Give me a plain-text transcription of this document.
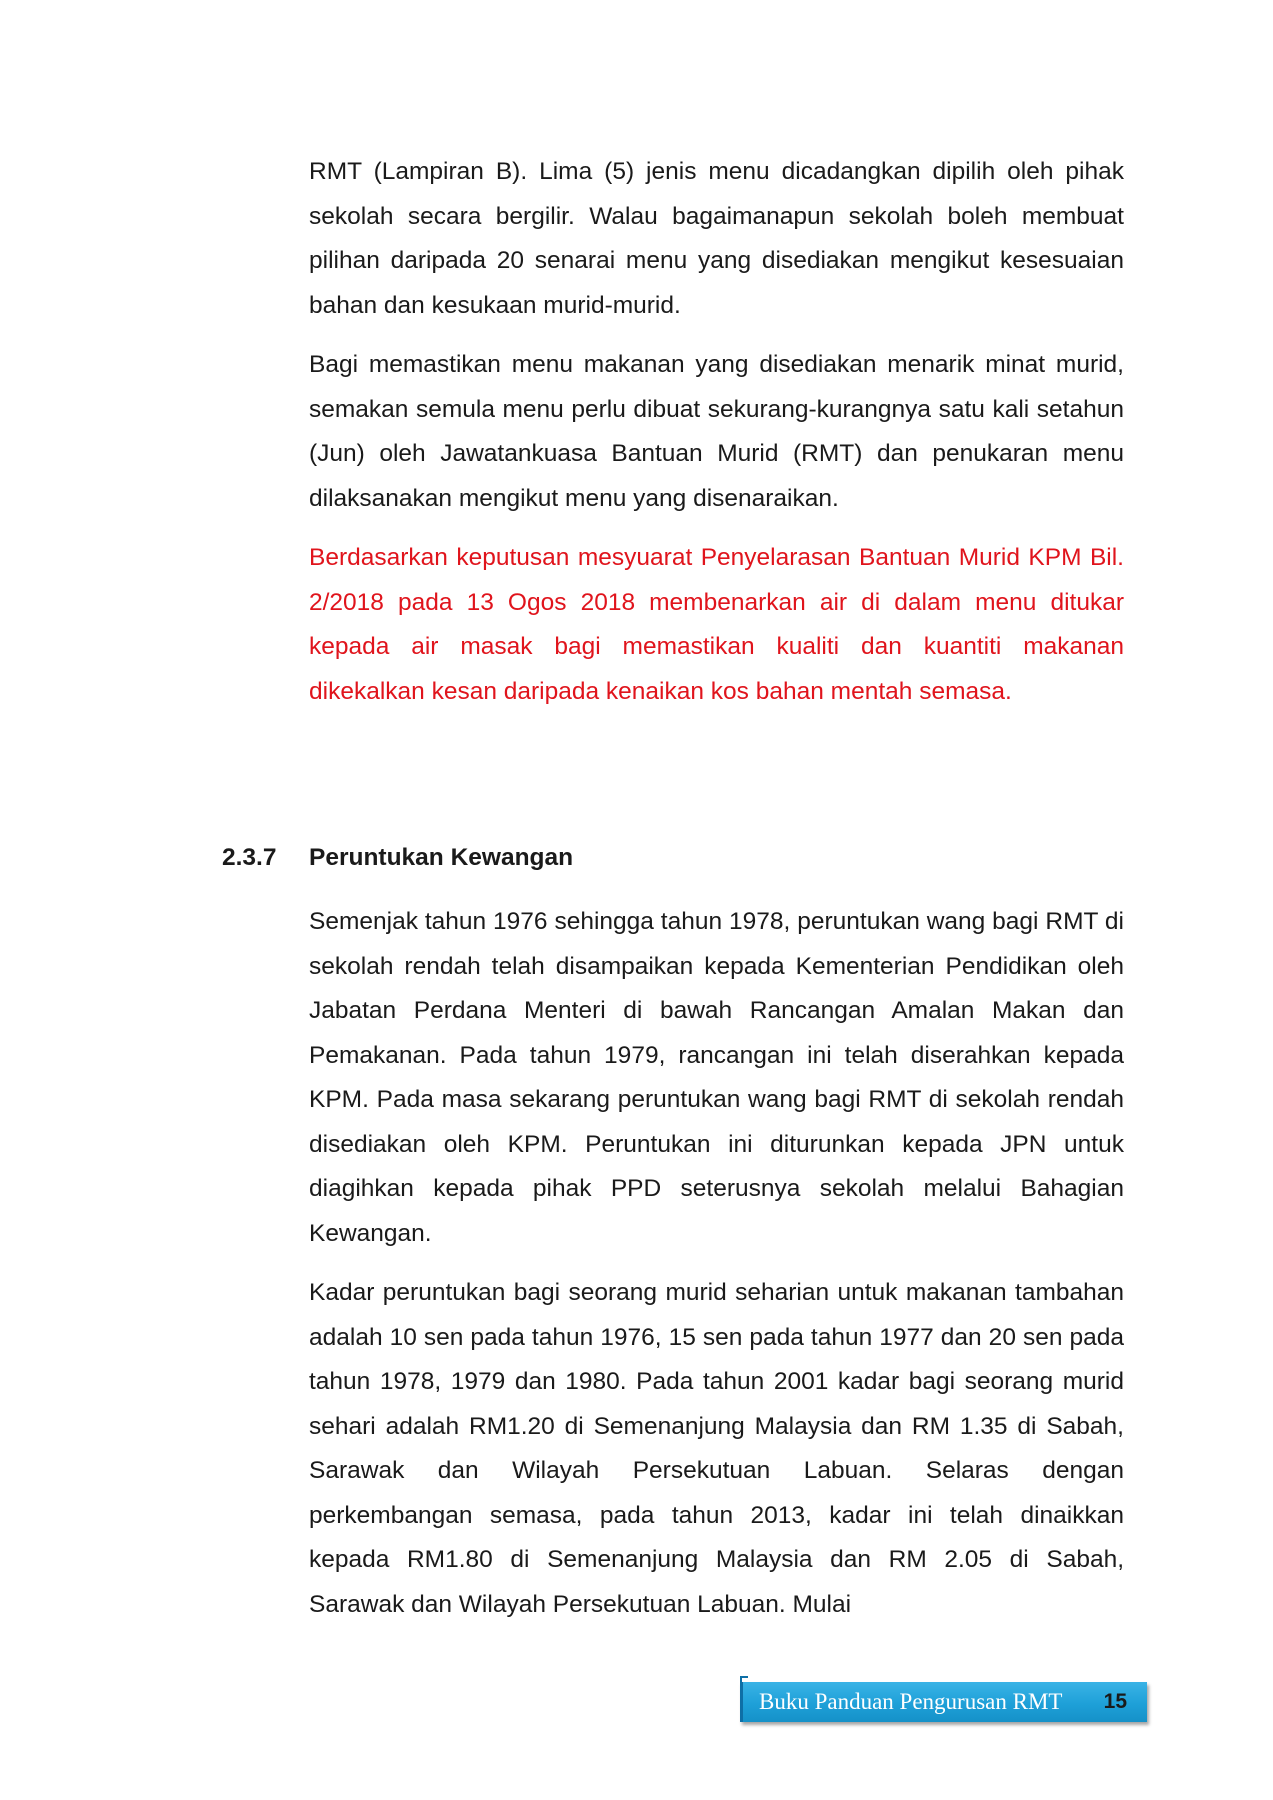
RMT (Lampiran B). Lima (5) jenis menu dicadangkan dipilih oleh pihak sekolah secara bergilir. Walau bagaimanapun sekolah boleh membuat pilihan daripada 20 senarai menu yang disediakan mengikut kesesuaian bahan dan kesukaan murid-murid.

Bagi memastikan menu makanan yang disediakan menarik minat murid, semakan semula menu perlu dibuat sekurang-kurangnya satu kali setahun (Jun) oleh Jawatankuasa Bantuan Murid (RMT) dan penukaran menu dilaksanakan mengikut menu yang disenaraikan.

Berdasarkan keputusan mesyuarat Penyelarasan Bantuan Murid KPM Bil. 2/2018 pada 13 Ogos 2018 membenarkan air di dalam menu ditukar kepada air masak bagi memastikan kualiti dan kuantiti makanan dikekalkan kesan daripada kenaikan kos bahan mentah semasa.

2.3.7 Peruntukan Kewangan

Semenjak tahun 1976 sehingga tahun 1978, peruntukan wang bagi RMT di sekolah rendah telah disampaikan kepada Kementerian Pendidikan oleh Jabatan Perdana Menteri di bawah Rancangan Amalan Makan dan Pemakanan. Pada tahun 1979, rancangan ini telah diserahkan kepada KPM. Pada masa sekarang peruntukan wang bagi RMT di sekolah rendah disediakan oleh KPM. Peruntukan ini diturunkan kepada JPN untuk diagihkan kepada pihak PPD seterusnya sekolah melalui Bahagian Kewangan.

Kadar peruntukan bagi seorang murid seharian untuk makanan tambahan adalah 10 sen pada tahun 1976, 15 sen pada tahun 1977 dan 20 sen pada tahun 1978, 1979 dan 1980. Pada tahun 2001 kadar bagi seorang murid sehari adalah RM1.20 di Semenanjung Malaysia dan RM 1.35 di Sabah, Sarawak dan Wilayah Persekutuan Labuan. Selaras dengan perkembangan semasa, pada tahun 2013, kadar ini telah dinaikkan kepada RM1.80 di Semenanjung Malaysia dan RM 2.05 di Sabah, Sarawak dan Wilayah Persekutuan Labuan. Mulai

Buku Panduan Pengurusan RMT 15
